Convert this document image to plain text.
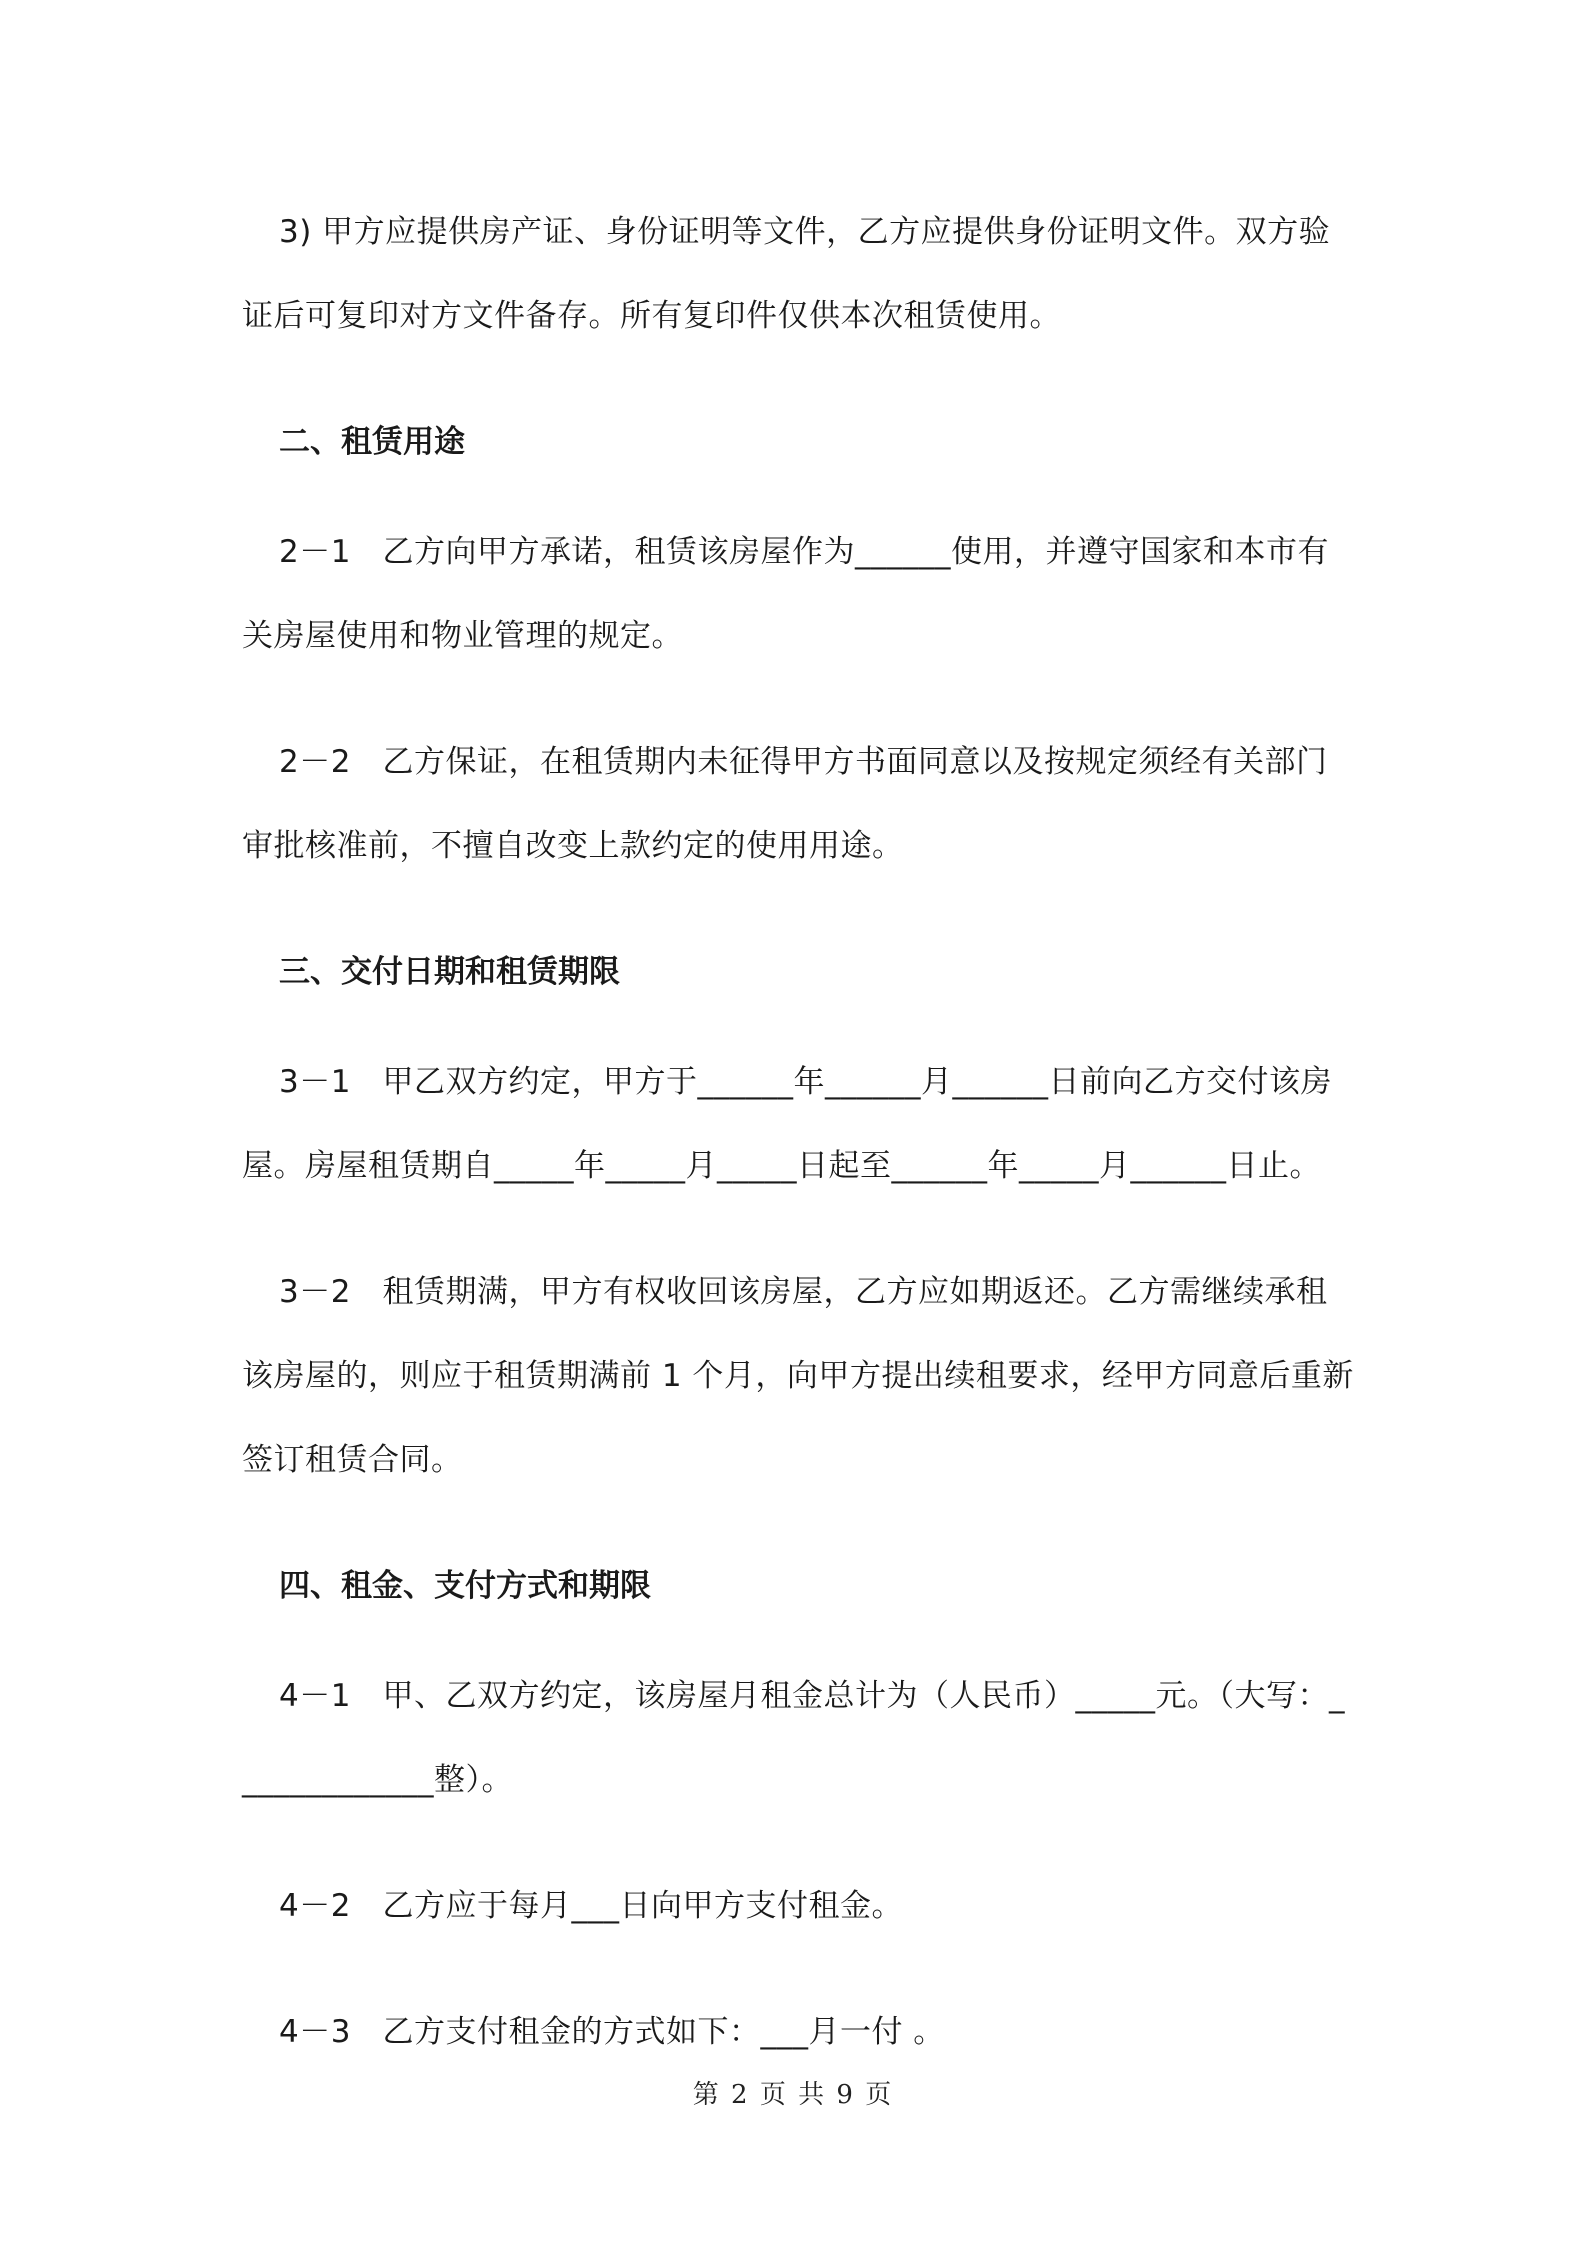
3) 甲方应提供房产证、身份证明等文件，乙方应提供身份证明文件。双方验证后可复印对方文件备存。所有复印件仅供本次租赁使用。

二、租赁用途

2－1　乙方向甲方承诺，租赁该房屋作为______使用，并遵守国家和本市有关房屋使用和物业管理的规定。

2－2　乙方保证，在租赁期内未征得甲方书面同意以及按规定须经有关部门审批核准前，不擅自改变上款约定的使用用途。

三、交付日期和租赁期限

3－1　甲乙双方约定，甲方于______年______月______日前向乙方交付该房屋。房屋租赁期自_____年_____月_____日起至______年_____月______日止。

3－2　租赁期满，甲方有权收回该房屋，乙方应如期返还。乙方需继续承租该房屋的，则应于租赁期满前 1 个月，向甲方提出续租要求，经甲方同意后重新签订租赁合同。

四、租金、支付方式和期限

4－1　甲、乙双方约定，该房屋月租金总计为（人民币）_____元。（大写：_____________整）。

4－2　乙方应于每月___日向甲方支付租金。

4－3　乙方支付租金的方式如下：___月一付 。

第 2 页 共 9 页
